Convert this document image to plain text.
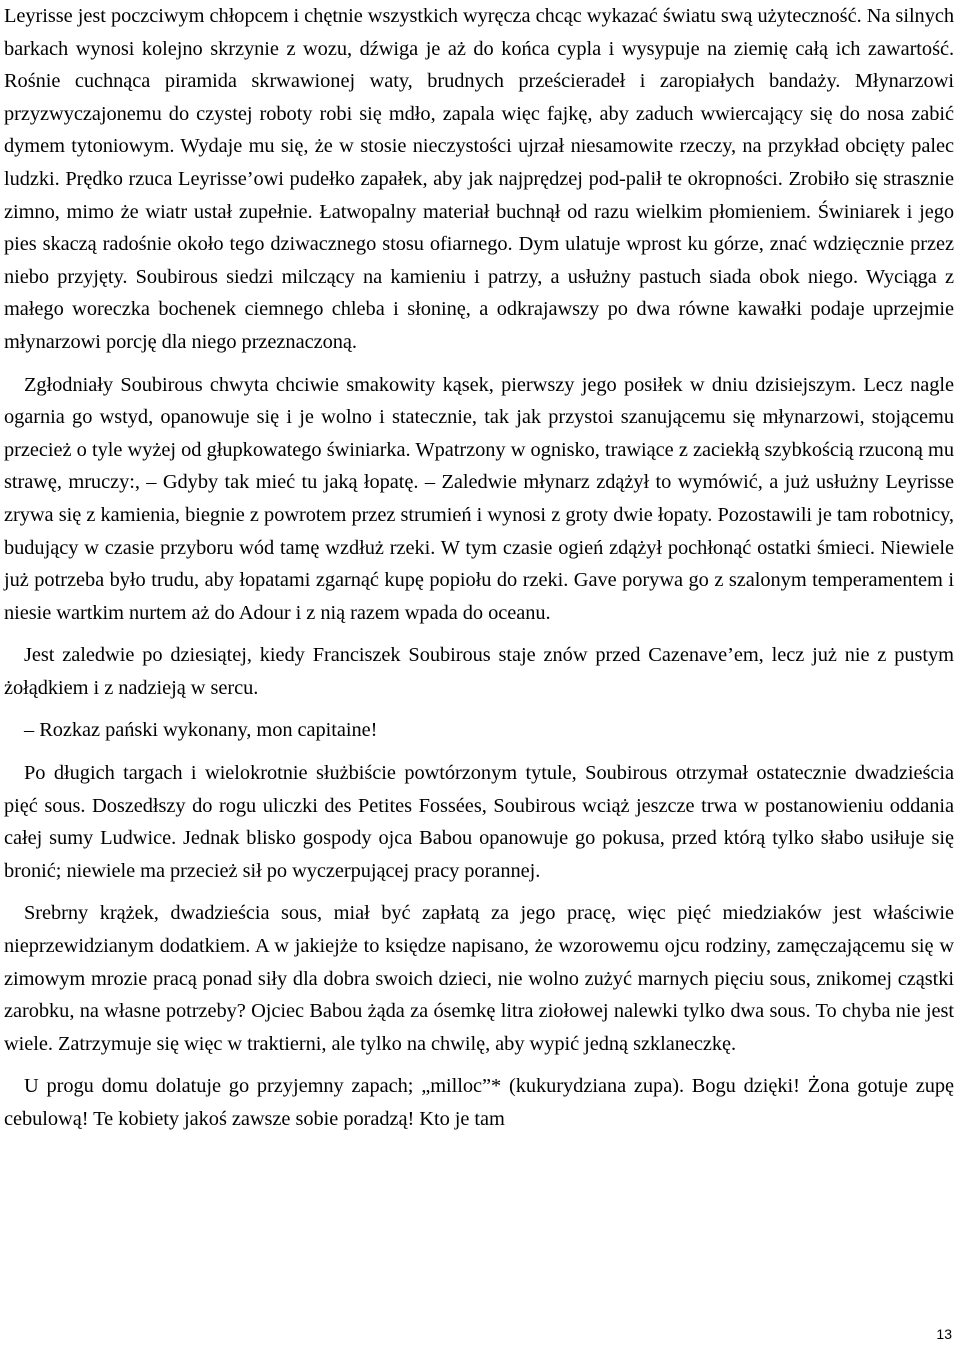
Leyrisse jest poczciwym chłopcem i chętnie wszystkich wyręcza chcąc wykazać światu swą użyteczność. Na silnych barkach wynosi kolejno skrzynie z wozu, dźwiga je aż do końca cypla i wysypuje na ziemię całą ich zawartość. Rośnie cuchnąca piramida skrwawionej waty, brudnych prześcieradeł i zaropiałych bandaży. Młynarzowi przyzwyczajonemu do czystej roboty robi się mdło, zapala więc fajkę, aby zaduch wwiercający się do nosa zabić dymem tytoniowym. Wydaje mu się, że w stosie nieczystości ujrzał niesamowite rzeczy, na przykład obcięty palec ludzki. Prędko rzuca Leyrisse’owi pudełko zapałek, aby jak najprędzej pod-palił te okropności. Zrobiło się strasznie zimno, mimo że wiatr ustał zupełnie. Łatwopalny materiał buchnął od razu wielkim płomieniem. Świniarek i jego pies skaczą radośnie około tego dziwacznego stosu ofiarnego. Dym ulatuje wprost ku górze, znać wdzięcznie przez niebo przyjęty. Soubirous siedzi milczący na kamieniu i patrzy, a usłużny pastuch siada obok niego. Wyciąga z małego woreczka bochenek ciemnego chleba i słoninę, a odkrajawszy po dwa równe kawałki podaje uprzejmie młynarzowi porcję dla niego przeznaczoną.

Zgłodniały Soubirous chwyta chciwie smakowity kąsek, pierwszy jego posiłek w dniu dzisiejszym. Lecz nagle ogarnia go wstyd, opanowuje się i je wolno i statecznie, tak jak przystoi szanującemu się młynarzowi, stojącemu przecież o tyle wyżej od głupkowatego świniarka. Wpatrzony w ognisko, trawiące z zaciekłą szybkością rzuconą mu strawę, mruczy:, – Gdyby tak mieć tu jaką łopatę. – Zaledwie młynarz zdążył to wymówić, a już usłużny Leyrisse zrywa się z kamienia, biegnie z powrotem przez strumień i wynosi z groty dwie łopaty. Pozostawili je tam robotnicy, budujący w czasie przyboru wód tamę wzdłuż rzeki. W tym czasie ogień zdążył pochłonąć ostatki śmieci. Niewiele już potrzeba było trudu, aby łopatami zgarnąć kupę popiołu do rzeki. Gave porywa go z szalonym temperamentem i niesie wartkim nurtem aż do Adour i z nią razem wpada do oceanu.

Jest zaledwie po dziesiątej, kiedy Franciszek Soubirous staje znów przed Cazenave’em, lecz już nie z pustym żołądkiem i z nadzieją w sercu.

– Rozkaz pański wykonany, mon capitaine!

Po długich targach i wielokrotnie służbiście powtórzonym tytule, Soubirous otrzymał ostatecznie dwadzieścia pięć sous. Doszedłszy do rogu uliczki des Petites Fossées, Soubirous wciąż jeszcze trwa w postanowieniu oddania całej sumy Ludwice. Jednak blisko gospody ojca Babou opanowuje go pokusa, przed którą tylko słabo usiłuje się bronić; niewiele ma przecież sił po wyczerpującej pracy porannej.

Srebrny krążek, dwadzieścia sous, miał być zapłatą za jego pracę, więc pięć miedziaków jest właściwie nieprzewidzianym dodatkiem. A w jakiejże to księdze napisano, że wzorowemu ojcu rodziny, zamęczającemu się w zimowym mrozie pracą ponad siły dla dobra swoich dzieci, nie wolno zużyć marnych pięciu sous, znikomej cząstki zarobku, na własne potrzeby? Ojciec Babou żąda za ósemkę litra ziołowej nalewki tylko dwa sous. To chyba nie jest wiele. Zatrzymuje się więc w traktierni, ale tylko na chwilę, aby wypić jedną szklaneczkę.

U progu domu dolatuje go przyjemny zapach; „milloc”* (kukurydziana zupa). Bogu dzięki! Żona gotuje zupę cebulową! Te kobiety jakoś zawsze sobie poradzą! Kto je tam

13
